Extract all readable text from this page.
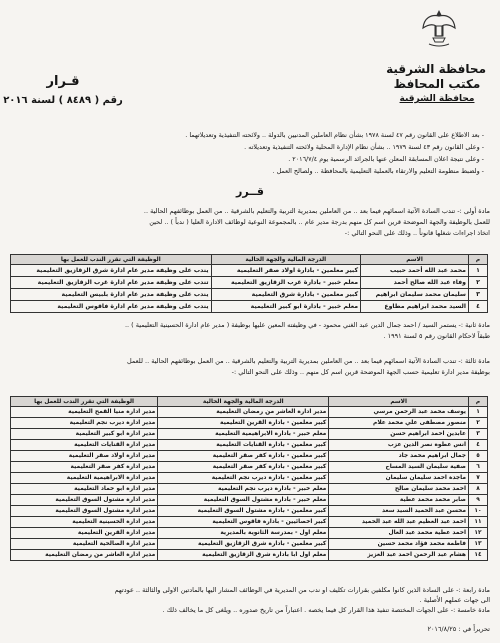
محافظة الشرقية
مكتب المحافظ
محافظة الشرقية
قـرار
رقم ( ٨٤٨٩ ) لسنة ٢٠١٦
- بعد الاطلاع على القانون رقم ٤٧ لسنة ١٩٧٨ بشأن نظام العاملين المدنيين بالدولة .. ولائحته التنفيذية وتعديلاتهما .
- وعلى القانون رقم ٤٣ لسنة ١٩٧٩ .. بشأن نظام الإدارة المحلية ولائحته التنفيذية وتعديلاته .
- وعلى نتيجة اعلان المسابقة المعلن عنها بالجرائد الرسمية يوم ٢٠١٦/٧/٤ .
- ولضبط منظومة التعليم والارتقاء بالعملية التعليمية بالمحافظة .. ولصالح العمل .
قــرر
مادة أولى :- تندب السادة الآتية اسمائهم فيما بعد .. من العاملين بمديرية التربية والتعليم بالشرقية .. من العمل بوظائفهم الحالية ..
للعمل بالوظيفة والجهة الموضحة قرين اسم كل منهم بدرجة مدير عام .. بالمجموعة النوعية لوظائف الادارة العليا ( ندباً ) .. لحين
اتخاذ اجراءات شغلها قانوناً .. وذلك على النحو التالي :-
م	الاسم	الدرجة المالية والجهة الحالية	الوظيفة التي تقرر الندب للعمل بها
١	محمد عبد الله أحمد حبيب	كبير معلمين - بادارة اولاد صقر التعليمية	يندب على وظيفة مدير عام ادارة شرق الزقازيق التعليمية
٢	وفاء عبد الله صالح أحمد	معلم خبير - بادارة غرب الزقازيق التعليمية	تندب على وظيفة مدير عام ادارة غرب الزقازيق التعليمية
٣	سليمان محمد سليمان ابراهيم	كبير معلمين - بادارة شرق التعليمية	يندب على وظيفة مدير عام ادارة بلبيس التعليمية
٤	السيد محمد ابراهيم مطاوع	معلم خبير - بادارة ابو كبير التعليمية	يندب على وظيفة مدير عام ادارة فاقوس التعليمية
مادة ثانية :- يستمر السيد / احمد جمال الدين عبد الغني محمود - في وظيفته المعين عليها بوظيفة ( مدير عام ادارة الحسينية التعليمية ) ..
طبقاً لاحكام القانون رقم ٥ لسنة ١٩٩١ .
مادة ثالثة :- تندب السادة الآتية اسمائهم فيما بعد .. من العاملين بمديرية التربية والتعليم بالشرقية .. من العمل بوظائفهم الحالية .. للعمل
بوظيفة مدير ادارة تعليمية حسب الجهة الموضحة قرين اسم كل منهم .. وذلك على النحو التالي :-
م	الاسم	الدرجة المالية والجهة الحالية	الوظيفة التي تقرر الندب للعمل بها
١	يوسف محمد عبد الرحمن مرسي	مدير ادارة العاشر من رمضان التعليمية	مدير ادارة منيا القمح التعليمية
٢	منصور مصطفى علي محمد علام	كبير معلمين - بادارة القرين التعليمية	مدير ادارة ديرب نجم التعليمية
٣	عابدين احمد ابراهيم حسن	معلم خبير - بادارة الابراهيمية التعليمية	مدير ادارة ابو كبير التعليمية
٤	انس عطوة نصر الدين عزب	كبير معلمين - بادارة القنايات التعليمية	مدير ادارة القنايات التعليمية
٥	جمال ابراهيم محمد جاد	كبير معلمين - بادارة كفر صقر التعليمية	مدير ادارة اولاد صقر التعليمية
٦	صفية سليمان السيد المساح	كبير معلمين - بادارة كفر صقر التعليمية	مدير ادارة كفر صقر التعليمية
٧	ماجدة احمد سليمان سليمان	كبير معلمين - بادارة ديرب نجم التعليمية	مدير ادارة الابراهيمية التعليمية
٨	احمد محمد سليمان صالح	معلم خبير - بادارة ديرب نجم التعليمية	مدير ادارة ابو حماد التعليمية
٩	صابر محمد محمد عطية	معلم خبير - بادارة مشتول السوق التعليمية	مدير ادارة مشتول السوق التعليمية
١٠	محسن عبد الحميد السيد سعد	كبير معلمين - بادارة مشتول السوق التعليمية	مدير ادارة مشتول السوق التعليمية
١١	احمد عبد العظيم عبد الله عبد الحميد	كبير اخصائيين - بادارة فاقوس التعليمية	مدير ادارة الحسينية التعليمية
١٢	احمد عطية محمد عبد العال	معلم اول - بمدرسة الثانوية بالمديرية	مدير ادارة القرين التعليمية
١٣	فاطمة محمد فؤاد محمد حسين	كبير معلمين - بادارة شرق الزقازيق التعليمية	مدير ادارة الصالحية التعليمية
١٤	هشام عبد الرحمن احمد عبد العزيز	معلم اول ابا بادارة شرق الزقازيق التعليمية	مدير ادارة العاشر من رمضان التعليمية
مادة رابعة :- على السادة الذين كانوا مكلفين بقرارات تكليف او ندب من المديرية في الوظائف المشار اليها بالمادتين الاولى والثالثة .. عودتهم
الى جهات عملهم الأصلية .
مادة خامسة :- على الجهات المختصة تنفيذ هذا القرار كل فيما يخصه . اعتباراً من تاريخ صدوره .. ويلغى كل ما يخالف ذلك .
تحريراً في : ٢٠١٦/٨/٢٥
